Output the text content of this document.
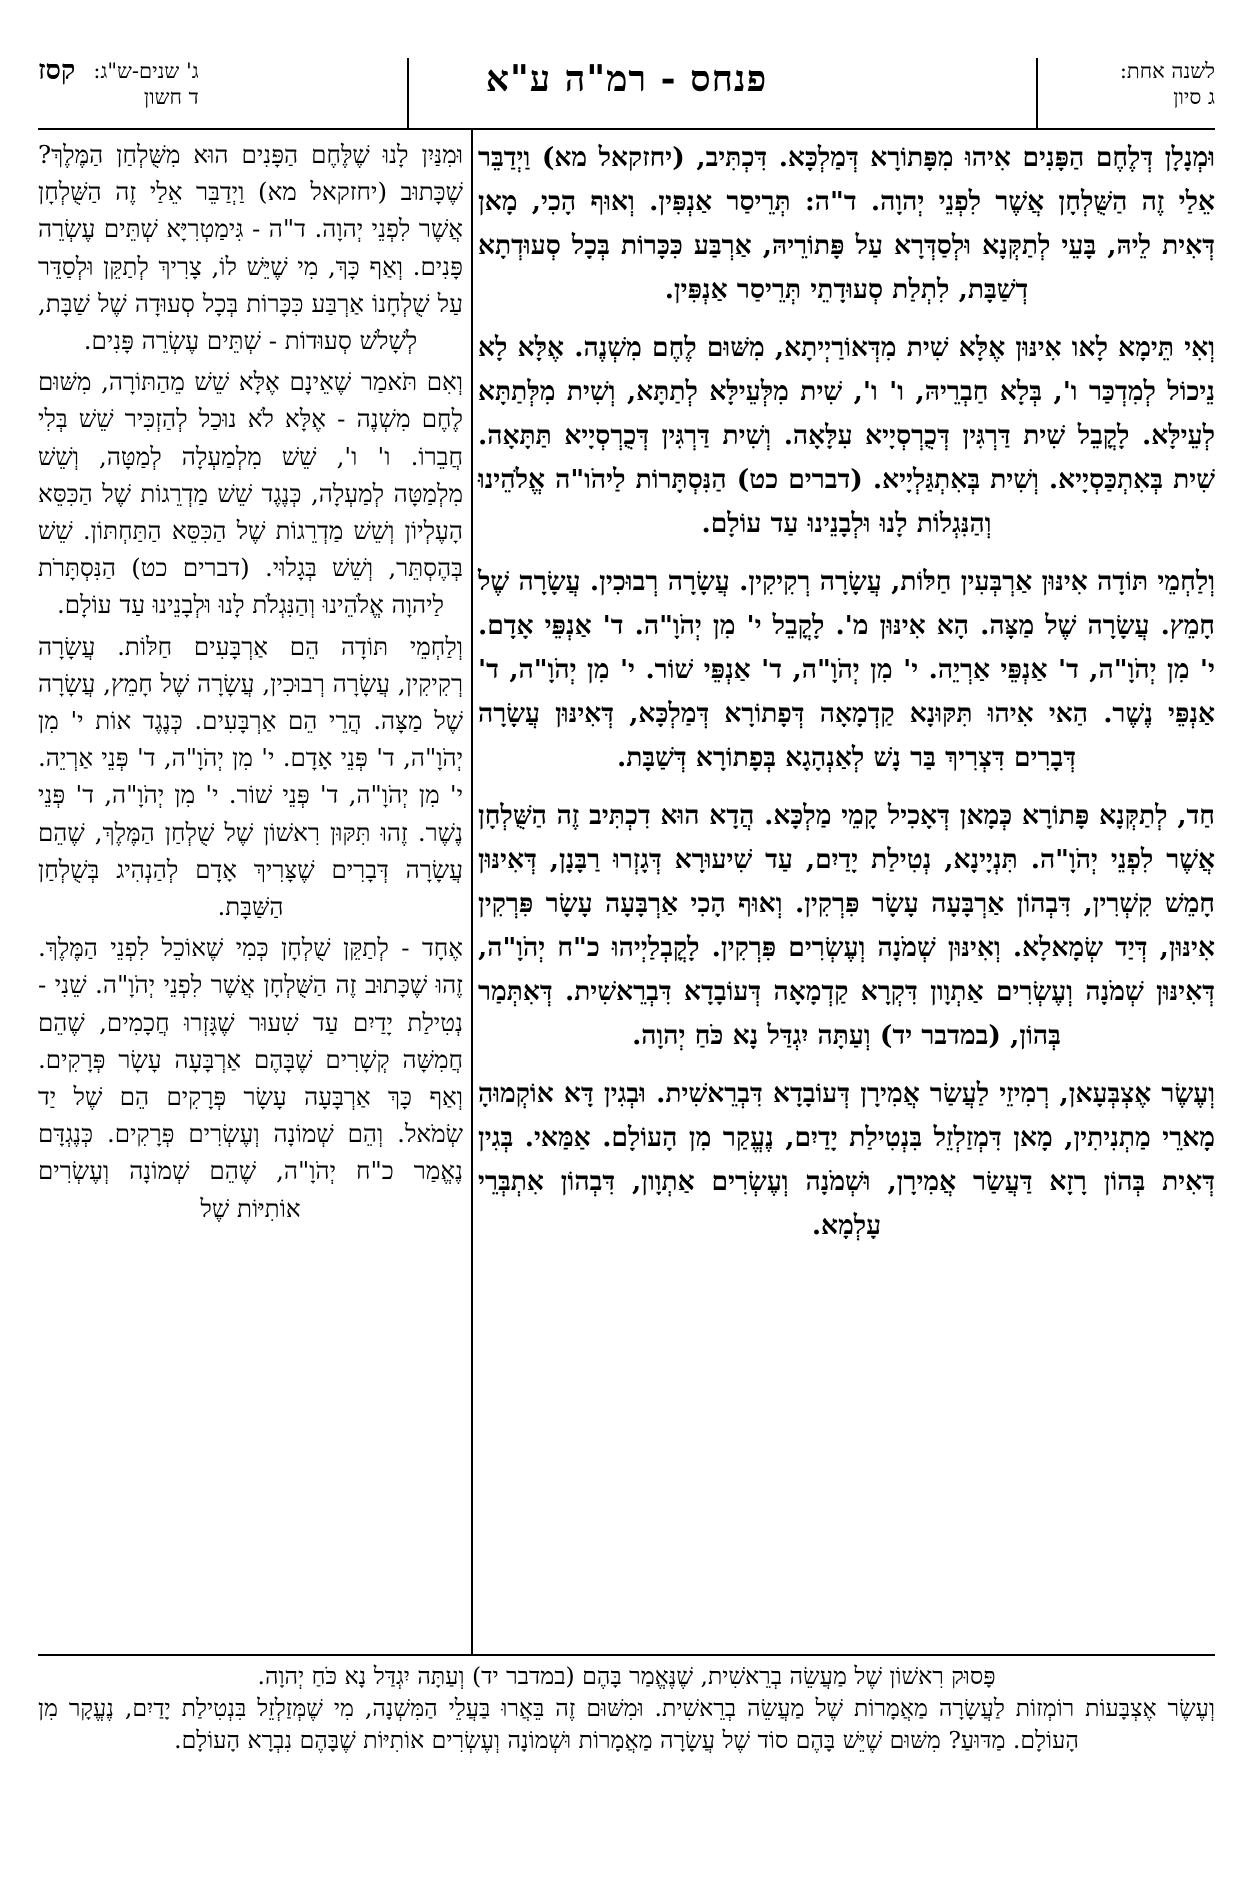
לשנה אחת:
ג סיון
פנחס - רמ"ה ע"א
ג' שנים-ש"ג:
ד חשון
קסז

וּמְנָלָן דְּלֶחֶם הַפָּנִים אִיהוּ מִפָּתוֹרָא דְּמַלְכָּא. דִּכְתִּיב, (יחזקאל מא) וַיְדַבֵּר אֵלַי זֶה הַשֻּׁלְחָן אֲשֶׁר לִפְנֵי יְהוָה. ד"ה: תְּרֵיסַר אַנְפִּין. וְאוּף הָכִי, מָאן דְּאִית לֵיהּ, בָּעֵי לְתַקְּנָא וּלְסַדְּרָא עַל פָּתוֹרֵיהּ, אַרְבַּע כִּכָּרוֹת בְּכָל סְעוּדְתָא דְשַׁבָּת, לִתְלַת סְעוּדָתֵי תְּרֵיסַר אַנְפִּין.

וְאִי תֵּימָא לָאו אִינּוּן אֶלָּא שִׁית מִדְּאוֹרַיְיתָא, מִשּׁוּם לֶחֶם מִשְׁנֶה. אֶלָּא לָא נֵיכוֹל לְמִדְכַּר ו', בְּלָא חַבְרֵיהּ, ו' ו', שִׁית מִלְּעֵילָּא לְתַתָּא, וְשִׁית מִלְּתַתָּא לְעֵילָּא. לָקֳבֵל שִׁית דַּרְגִּין דְּכֻרְסְיָיא עִלָּאָה. וְשִׁית דַּרְגִּין דְּכֻרְסְיָיא תַּתָּאָה. שִׁית בְּאִתְכַּסְיָיא. וְשִׁית בְּאִתְגַּלְיָיא. (דברים כט) הַנִּסְתָּרוֹת לַיהֹו"ה אֱלֹהֵינוּ וְהַנִּגְלוֹת לָנוּ וּלְבָנֵינוּ עַד עוֹלָם.

וְלַחְמֵי תּוֹדָה אִינּוּן אַרְבְּעִין חַלּוֹת, עֲשָׂרָה רְקִיקִין. עֲשָׂרָה רְבוּכִין. עֲשָׂרָה שֶׁל חָמֵץ. עֲשָׂרָה שֶׁל מַצָּה. הָא אִינּוּן מ'. לָקֳבֵל י' מִן יְהֹוָ"ה. ד' אַנְפֵּי אָדָם. י' מִן יְהֹוָ"ה, ד' אַנְפֵּי אַרְיֵה. י' מִן יְהֹוָ"ה, ד' אַנְפֵּי שׁוֹר. י' מִן יְהֹוָ"ה, ד' אַנְפֵּי נֶשֶׁר. הַאי אִיהוּ תִּקּוּנָא קַדְמָאָה דְּפָתוֹרָא דְּמַלְכָּא, דְּאִינּוּן עֲשָׂרָה דְּבָרִים דִּצְרִיךְ בַּר נָשׁ לְאַנְהָגָא בְּפָתוֹרָא דְּשַׁבָּת.

חַד, לְתַקְּנָא פָּתוֹרָא כְּמָאן דְּאָכִיל קָמֵי מַלְכָּא. הֲדָא הוּא דִכְתִּיב זֶה הַשֻּׁלְחָן אֲשֶׁר לִפְנֵי יְהֹוָ"ה. תִּנְיָינָא, נְטִילַת יָדַיִם, עַד שִׁיעוּרָא דְּגָזְרוּ רַבָּנָן, דְּאִינּוּן חָמֵשׁ קִשְׁרִין, דִּבְהוֹן אַרְבָּעָה עָשָׂר פִּרְקִין. וְאוּף הָכִי אַרְבָּעָה עָשָׂר פִּרְקִין אִינּוּן, דְּיַד שְׂמָאלָא. וְאִינּוּן שְׁמֹנָה וְעֶשְׂרִים פִּרְקִין. לָקֳבְלַיְיהוּ כ"ח יְהֹוָ"ה, דְּאִינּוּן שְׁמֹנָה וְעֶשְׂרִים אַתְוָון דִּקְרָא קַדְמָאָה דְּעוֹבָדָא דִּבְרֵאשִׁית. דְּאִתְּמַר בְּהוֹן, (במדבר יד) וְעַתָּה יִגְדַּל נָא כֹּחַ יְהוָה.

וְעֶשֶׂר אֶצְבְּעָאן, רְמִיזֵי לַעֲשַׂר אֲמִירָן דְּעוֹבָדָא דִּבְרֵאשִׁית. וּבְגִין דָּא אוֹקְמוּהָ מָארֵי מַתְנִיתִין, מָאן דִּמְזַלְזֵל בִּנְטִילַת יָדַיִם, נֶעֱקַר מִן הָעוֹלָם. אַמַּאי. בְּגִין דְּאִית בְּהוֹן רָזָא דַּעֲשַׂר אֲמִירָן, וּשְׁמֹנָה וְעֶשְׂרִים אַתְוָון, דִּבְהוֹן אִתְבְּרֵי עָלְמָא.

וּמִנַּיִן לָנוּ שֶׁלֶּחֶם הַפָּנִים הוּא מִשֻּׁלְחַן הַמֶּלֶךְ? שֶׁכָּתוּב (יחזקאל מא) וַיְדַבֵּר אֵלַי זֶה הַשֻּׁלְחָן אֲשֶׁר לִפְנֵי יְהוָה. ד"ה - גִּימַטְרִיָּא שְׁתֵּים עֶשְׂרֵה פָּנִים. וְאַף כָּךְ, מִי שֶׁיֵּשׁ לוֹ, צָרִיךְ לְתַקֵּן וּלְסַדֵּר עַל שֻׁלְחָנוֹ אַרְבַּע כִּכָּרוֹת בְּכָל סְעוּדָה שֶׁל שַׁבָּת, לְשָׁלֹשׁ סְעוּדוֹת - שְׁתֵּים עֶשְׂרֵה פָּנִים.

וְאִם תֹּאמַר שֶׁאֵינָם אֶלָּא שֵׁשׁ מֵהַתּוֹרָה, מִשּׁוּם לֶחֶם מִשְׁנֶה - אֶלָּא לֹא נוּכַל לְהַזְכִּיר שֵׁשׁ בְּלִי חֲבֵרוֹ. ו' ו', שֵׁשׁ מִלְמַעְלָה לְמַטָּה, וְשֵׁשׁ מִלְמַטָּה לְמַעְלָה, כְּנֶגֶד שֵׁשׁ מַדְרֵגוֹת שֶׁל הַכִּסֵּא הָעֶלְיוֹן וְשֵׁשׁ מַדְרֵגוֹת שֶׁל הַכִּסֵּא הַתַּחְתּוֹן. שֵׁשׁ בְּהֶסְתֵּר, וְשֵׁשׁ בְּגָלוּי. (דברים כט) הַנִּסְתָּרֹת לַיהוָה אֱלֹהֵינוּ וְהַנִּגְלֹת לָנוּ וּלְבָנֵינוּ עַד עוֹלָם.

וְלַחְמֵי תּוֹדָה הֵם אַרְבָּעִים חַלּוֹת. עֲשָׂרָה רְקִיקִין, עֲשָׂרָה רְבוּכִין, עֲשָׂרָה שֶׁל חָמֵץ, עֲשָׂרָה שֶׁל מַצָּה. הֲרֵי הֵם אַרְבָּעִים. כְּנֶגֶד אוֹת י' מִן יְהֹוָ"ה, ד' פְּנֵי אָדָם. י' מִן יְהֹוָ"ה, ד' פְּנֵי אַרְיֵה. י' מִן יְהֹוָ"ה, ד' פְּנֵי שׁוֹר. י' מִן יְהֹוָ"ה, ד' פְּנֵי נֶשֶׁר. זֶהוּ תִּקּוּן רִאשׁוֹן שֶׁל שֻׁלְחַן הַמֶּלֶךְ, שֶׁהֵם עֲשָׂרָה דְּבָרִים שֶׁצָּרִיךְ אָדָם לְהַנְהִיג בְּשֻׁלְחַן הַשַּׁבָּת.

אֶחָד - לְתַקֵּן שֻׁלְחָן כְּמִי שֶׁאוֹכֵל לִפְנֵי הַמֶּלֶךְ. זֶהוּ שֶׁכָּתוּב זֶה הַשֻּׁלְחָן אֲשֶׁר לִפְנֵי יְהֹוָ"ה. שֵׁנִי - נְטִילַת יָדַיִם עַד שִׁעוּר שֶׁגָּזְרוּ חֲכָמִים, שֶׁהֵם חֲמִשָּׁה קְשָׁרִים שֶׁבָּהֶם אַרְבָּעָה עָשָׂר פְּרָקִים. וְאַף כָּךְ אַרְבָּעָה עָשָׂר פְּרָקִים הֵם שֶׁל יַד שְׂמֹאל. וְהֵם שְׁמוֹנָה וְעֶשְׂרִים פְּרָקִים. כְּנֶגְדָּם נֶאֱמַר כ"ח יְהֹוָ"ה, שֶׁהֵם שְׁמוֹנָה וְעֶשְׂרִים אוֹתִיּוֹת שֶׁל

פָּסוּק רִאשׁוֹן שֶׁל מַעֲשֵׂה בְרֵאשִׁית, שֶׁנֶּאֱמַר בָּהֶם (במדבר יד) וְעַתָּה יִגְדַּל נָא כֹּחַ יְהוָה.

וְעֶשֶׂר אֶצְבָּעוֹת רוֹמְזוֹת לַעֲשָׂרָה מַאֲמָרוֹת שֶׁל מַעֲשֵׂה בְרֵאשִׁית. וּמִשּׁוּם זֶה בֵּאֲרוּ בַּעֲלֵי הַמִּשְׁנָה, מִי שֶׁמְּזַלְזֵל בִּנְטִילַת יָדַיִם, נֶעֱקָר מִן הָעוֹלָם. מַדּוּעַ? מִשּׁוּם שֶׁיֵּשׁ בָּהֶם סוֹד שֶׁל עֲשָׂרָה מַאֲמָרוֹת וּשְׁמוֹנָה וְעֶשְׂרִים אוֹתִיּוֹת שֶׁבָּהֶם נִבְרָא הָעוֹלָם.
